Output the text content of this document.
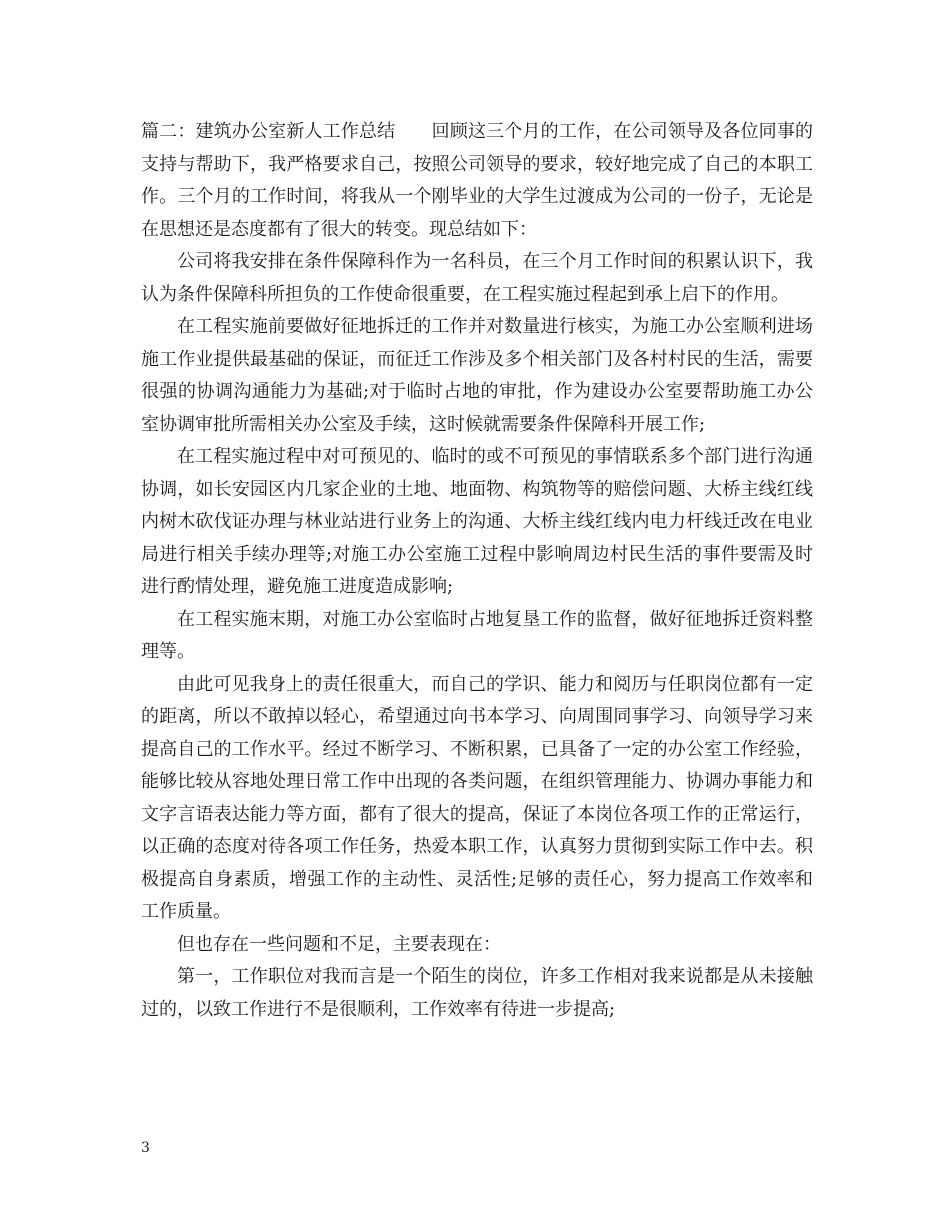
篇二：建筑办公室新人工作总结　　回顾这三个月的工作，在公司领导及各位同事的支持与帮助下，我严格要求自己，按照公司领导的要求，较好地完成了自己的本职工作。三个月的工作时间，将我从一个刚毕业的大学生过渡成为公司的一份子，无论是在思想还是态度都有了很大的转变。现总结如下：

公司将我安排在条件保障科作为一名科员，在三个月工作时间的积累认识下，我认为条件保障科所担负的工作使命很重要，在工程实施过程起到承上启下的作用。

在工程实施前要做好征地拆迁的工作并对数量进行核实，为施工办公室顺利进场施工作业提供最基础的保证，而征迁工作涉及多个相关部门及各村村民的生活，需要很强的协调沟通能力为基础;对于临时占地的审批，作为建设办公室要帮助施工办公室协调审批所需相关办公室及手续，这时候就需要条件保障科开展工作;

在工程实施过程中对可预见的、临时的或不可预见的事情联系多个部门进行沟通协调，如长安园区内几家企业的土地、地面物、构筑物等的赔偿问题、大桥主线红线内树木砍伐证办理与林业站进行业务上的沟通、大桥主线红线内电力杆线迁改在电业局进行相关手续办理等;对施工办公室施工过程中影响周边村民生活的事件要需及时进行酌情处理，避免施工进度造成影响;

在工程实施末期，对施工办公室临时占地复垦工作的监督，做好征地拆迁资料整理等。

由此可见我身上的责任很重大，而自己的学识、能力和阅历与任职岗位都有一定的距离，所以不敢掉以轻心，希望通过向书本学习、向周围同事学习、向领导学习来提高自己的工作水平。经过不断学习、不断积累，已具备了一定的办公室工作经验，能够比较从容地处理日常工作中出现的各类问题，在组织管理能力、协调办事能力和文字言语表达能力等方面，都有了很大的提高，保证了本岗位各项工作的正常运行，以正确的态度对待各项工作任务，热爱本职工作，认真努力贯彻到实际工作中去。积极提高自身素质，增强工作的主动性、灵活性;足够的责任心，努力提高工作效率和工作质量。

但也存在一些问题和不足，主要表现在：

第一，工作职位对我而言是一个陌生的岗位，许多工作相对我来说都是从未接触过的，以致工作进行不是很顺利，工作效率有待进一步提高;

3
